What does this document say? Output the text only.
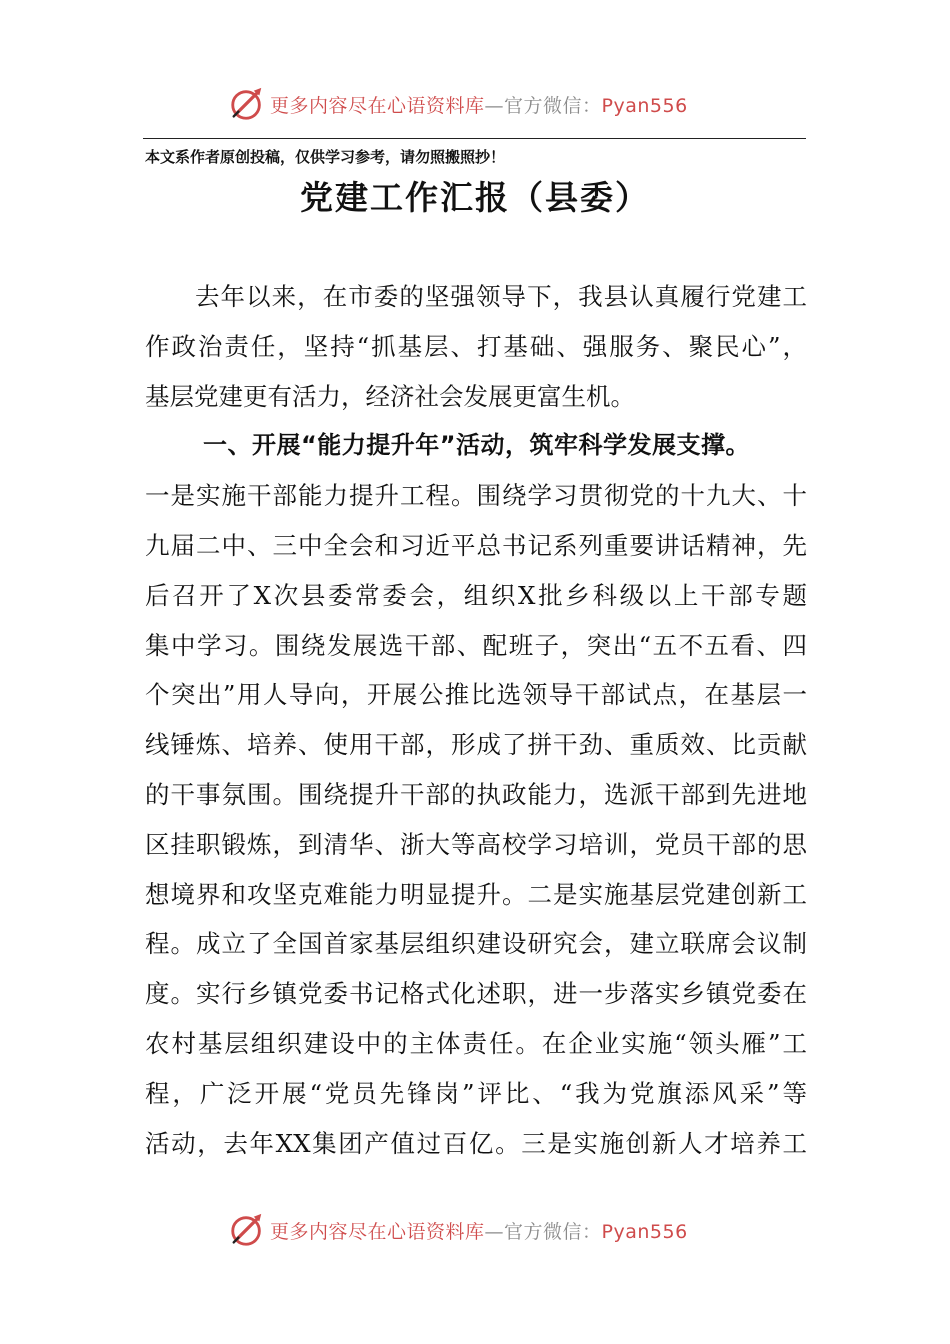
更多内容尽在心语资料库—官方微信：Pyan556
本文系作者原创投稿，仅供学习参考，请勿照搬照抄！
党建工作汇报（县委）
去年以来，在市委的坚强领导下，我县认真履行党建工
作政治责任，坚持“抓基层、打基础、强服务、聚民心”，
基层党建更有活力，经济社会发展更富生机。
一、开展“能力提升年”活动，筑牢科学发展支撑。
一是实施干部能力提升工程。围绕学习贯彻党的十九大、十
九届二中、三中全会和习近平总书记系列重要讲话精神，先
后召开了X次县委常委会，组织X批乡科级以上干部专题
集中学习。围绕发展选干部、配班子，突出“五不五看、四
个突出”用人导向，开展公推比选领导干部试点，在基层一
线锤炼、培养、使用干部，形成了拼干劲、重质效、比贡献
的干事氛围。围绕提升干部的执政能力，选派干部到先进地
区挂职锻炼，到清华、浙大等高校学习培训，党员干部的思
想境界和攻坚克难能力明显提升。二是实施基层党建创新工
程。成立了全国首家基层组织建设研究会，建立联席会议制
度。实行乡镇党委书记格式化述职，进一步落实乡镇党委在
农村基层组织建设中的主体责任。在企业实施“领头雁”工
程，广泛开展“党员先锋岗”评比、“我为党旗添风采”等
活动，去年XX集团产值过百亿。三是实施创新人才培养工
更多内容尽在心语资料库—官方微信：Pyan556
